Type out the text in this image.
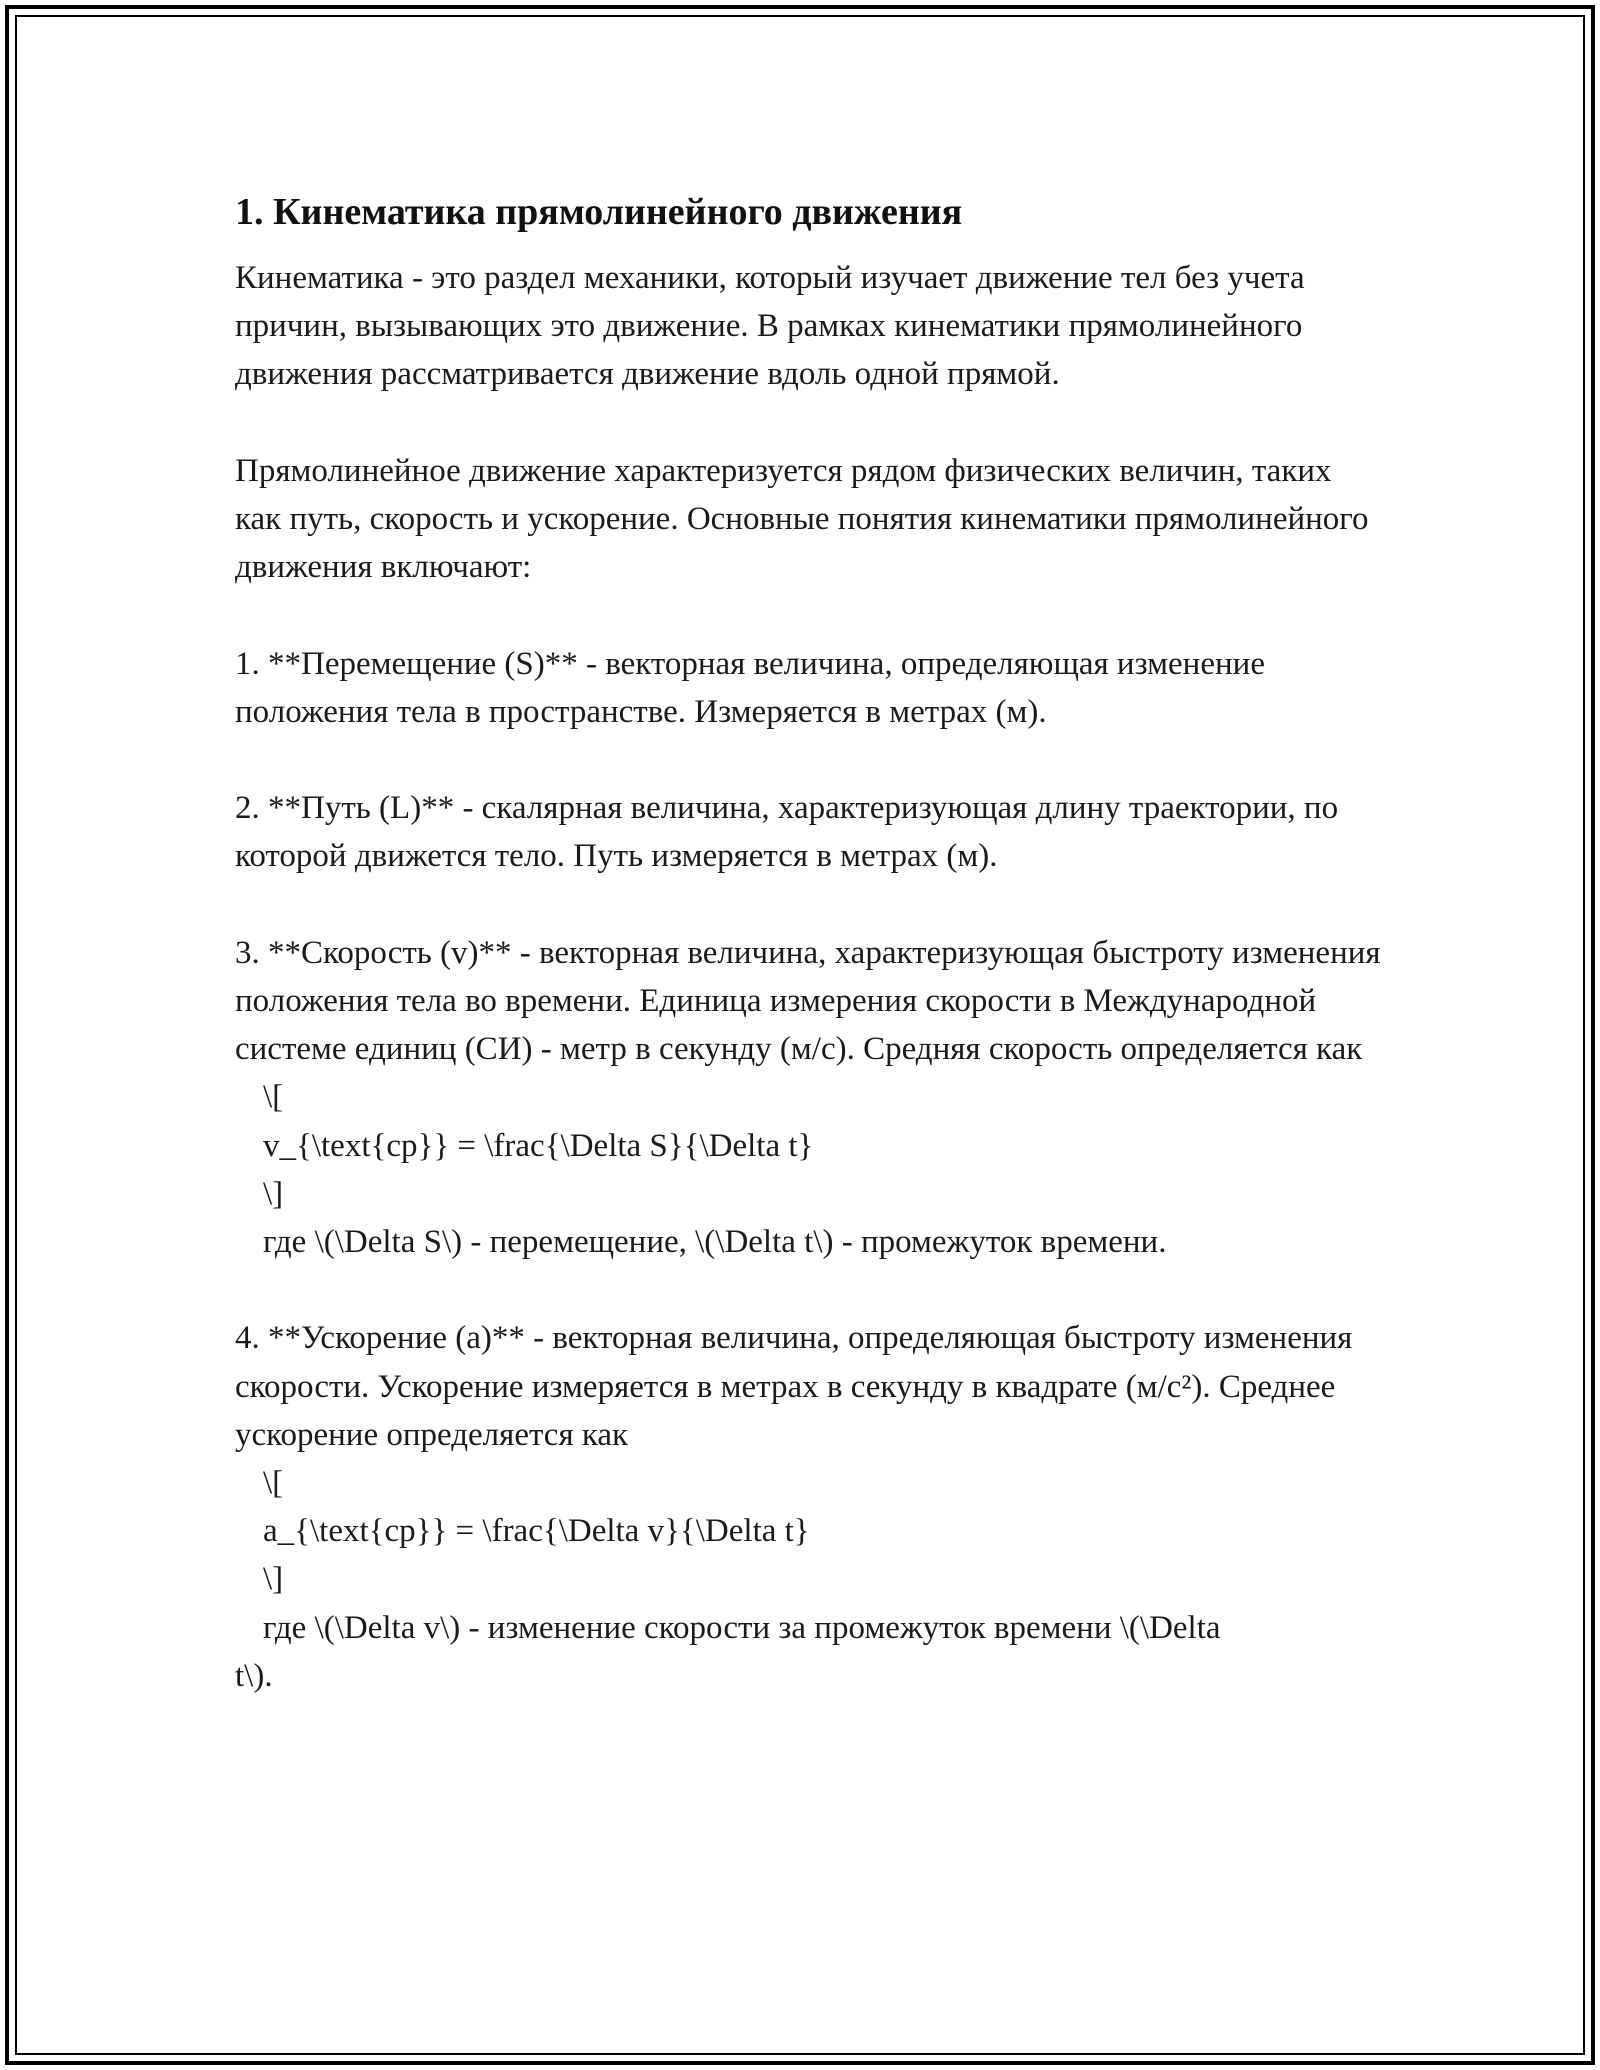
1. Кинематика прямолинейного движения

Кинематика - это раздел механики, который изучает движение тел без учета причин, вызывающих это движение. В рамках кинематики прямолинейного движения рассматривается движение вдоль одной прямой.

Прямолинейное движение характеризуется рядом физических величин, таких как путь, скорость и ускорение. Основные понятия кинематики прямолинейного движения включают:

1. **Перемещение (S)** - векторная величина, определяющая изменение положения тела в пространстве. Измеряется в метрах (м).

2. **Путь (L)** - скалярная величина, характеризующая длину траектории, по которой движется тело. Путь измеряется в метрах (м).

3. **Скорость (v)** - векторная величина, характеризующая быстроту изменения положения тела во времени. Единица измерения скорости в Международной системе единиц (СИ) - метр в секунду (м/с). Средняя скорость определяется как

\[

v_{\text{ср}} = \frac{\Delta S}{\Delta t}

\]

где \(\Delta S\) - перемещение, \(\Delta t\) - промежуток времени.

4. **Ускорение (a)** - векторная величина, определяющая быстроту изменения скорости. Ускорение измеряется в метрах в секунду в квадрате (м/с²). Среднее ускорение определяется как

\[

a_{\text{ср}} = \frac{\Delta v}{\Delta t}

\]

где \(\Delta v\) - изменение скорости за промежуток времени \(\Delta

t\).
